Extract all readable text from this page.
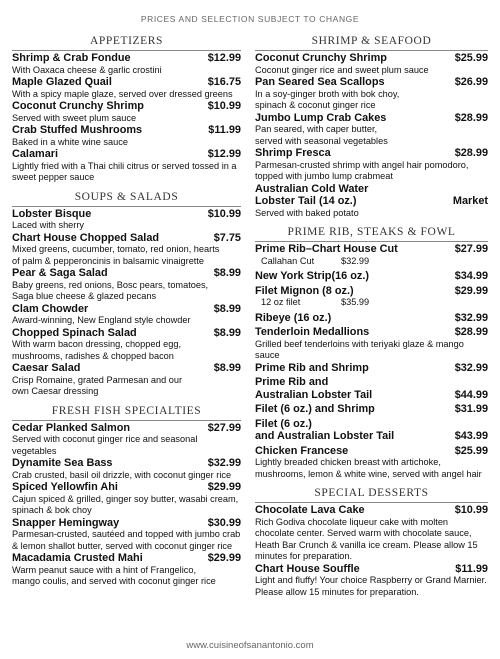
PRICES AND SELECTION SUBJECT TO CHANGE
APPETIZERS
Shrimp & Crab Fondue	$12.99
With Oaxaca cheese & garlic crostini
Maple Glazed Quail	$16.75
With a spicy maple glaze, served over dressed greens
Coconut Crunchy Shrimp	$10.99
Served with sweet plum sauce
Crab Stuffed Mushrooms	$11.99
Baked in a white wine sauce
Calamari	$12.99
Lightly fried with a Thai chili citrus or served tossed in a
sweet pepper sauce
SOUPS & SALADS
Lobster Bisque	$10.99
Laced with sherry
Chart House Chopped Salad	$7.75
Mixed greens, cucumber, tomato, red onion, hearts
of palm & pepperoncinis in balsamic vinaigrette
Pear & Saga Salad	$8.99
Baby greens, red onions, Bosc pears, tomatoes,
Saga blue cheese & glazed pecans
Clam Chowder	$8.99
Award-winning, New England style chowder
Chopped Spinach Salad	$8.99
With warm bacon dressing, chopped egg,
mushrooms, radishes & chopped bacon
Caesar Salad	$8.99
Crisp Romaine, grated Parmesan and our
own Caesar dressing
FRESH FISH SPECIALTIES
Cedar Planked Salmon	$27.99
Served with coconut ginger rice and seasonal
vegetables
Dynamite Sea Bass	$32.99
Crab crusted, basil oil drizzle, with coconut ginger rice
Spiced Yellowfin Ahi	$29.99
Cajun spiced & grilled, ginger soy butter, wasabi cream,
spinach & bok choy
Snapper Hemingway	$30.99
Parmesan-crusted, sautéed and topped with jumbo crab
& lemon shallot butter, served with coconut ginger rice
Macadamia Crusted Mahi	$29.99
Warm peanut sauce with a hint of Frangelico,
mango coulis, and served with coconut ginger rice
SHRIMP & SEAFOOD
Coconut Crunchy Shrimp	$25.99
Coconut ginger rice and sweet plum sauce
Pan Seared Sea Scallops	$26.99
In a soy-ginger broth with bok choy,
spinach & coconut ginger rice
Jumbo Lump Crab Cakes	$28.99
Pan seared, with caper butter,
served with seasonal vegetables
Shrimp Fresca	$28.99
Parmesan-crusted shrimp with angel hair pomodoro,
topped with jumbo lump crabmeat
Australian Cold Water
Lobster Tail (14 oz.)	Market
Served with baked potato
PRIME RIB, STEAKS & FOWL
Prime Rib–Chart House Cut	$27.99
Callahan Cut	$32.99
New York Strip(16 oz.)	$34.99
Filet Mignon (8 oz.)	$29.99
12 oz filet	$35.99
Ribeye (16 oz.)	$32.99
Tenderloin Medallions	$28.99
Grilled beef tenderloins with teriyaki glaze & mango sauce
Prime Rib and Shrimp	$32.99
Prime Rib and
Australian Lobster Tail	$44.99
Filet (6 oz.) and Shrimp	$31.99
Filet (6 oz.)
and Australian Lobster Tail	$43.99
Chicken Francese	$25.99
Lightly breaded chicken breast with artichoke,
mushrooms, lemon & white wine, served with angel hair
SPECIAL DESSERTS
Chocolate Lava Cake	$10.99
Rich Godiva chocolate liqueur cake with molten
chocolate center. Served warm with chocolate sauce,
Heath Bar Crunch & vanilla ice cream. Please allow 15
minutes for preparation.
Chart House Souffle	$11.99
Light and fluffy! Your choice Raspberry or Grand Marnier.
Please allow 15 minutes for preparation.
www.cuisineofsanantonio.com
